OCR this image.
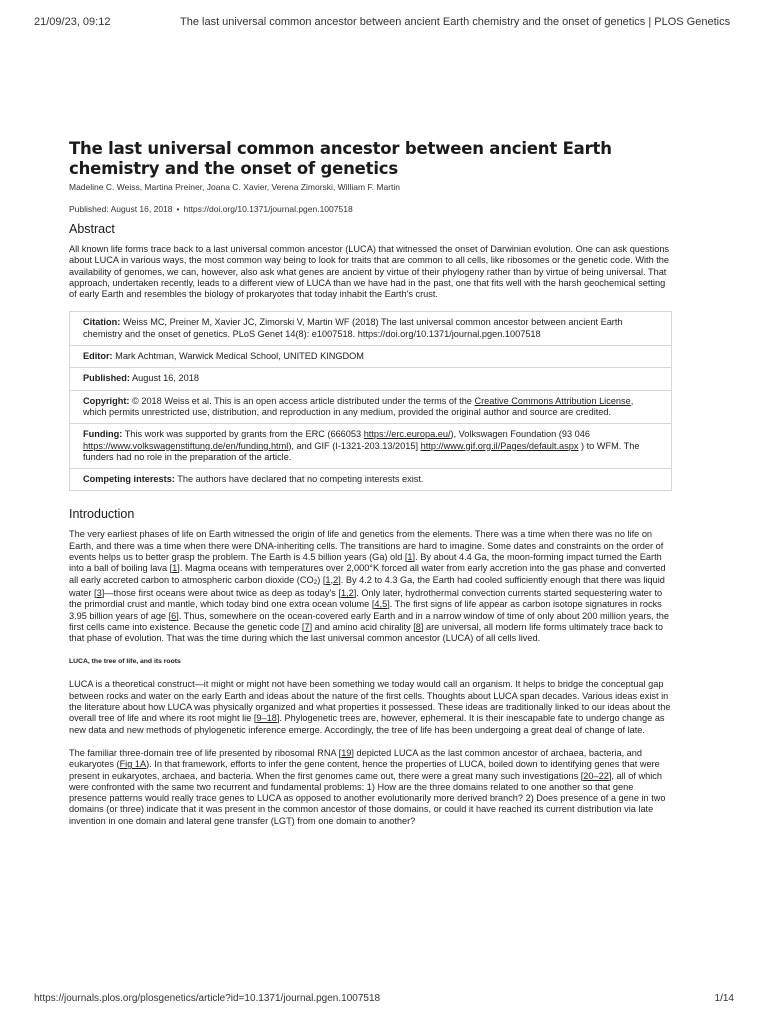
21/09/23, 09:12	The last universal common ancestor between ancient Earth chemistry and the onset of genetics | PLOS Genetics
The last universal common ancestor between ancient Earth chemistry and the onset of genetics
Madeline C. Weiss, Martina Preiner, Joana C. Xavier, Verena Zimorski, William F. Martin
Published: August 16, 2018 • https://doi.org/10.1371/journal.pgen.1007518
Abstract

All known life forms trace back to a last universal common ancestor (LUCA) that witnessed the onset of Darwinian evolution. One can ask questions about LUCA in various ways, the most common way being to look for traits that are common to all cells, like ribosomes or the genetic code. With the availability of genomes, we can, however, also ask what genes are ancient by virtue of their phylogeny rather than by virtue of being universal. That approach, undertaken recently, leads to a different view of LUCA than we have had in the past, one that fits well with the harsh geochemical setting of early Earth and resembles the biology of prokaryotes that today inhabit the Earth's crust.

Citation: Weiss MC, Preiner M, Xavier JC, Zimorski V, Martin WF (2018) The last universal common ancestor between ancient Earth chemistry and the onset of genetics. PLoS Genet 14(8): e1007518. https://doi.org/10.1371/journal.pgen.1007518
Editor: Mark Achtman, Warwick Medical School, UNITED KINGDOM
Published: August 16, 2018
Copyright: © 2018 Weiss et al. This is an open access article distributed under the terms of the Creative Commons Attribution License, which permits unrestricted use, distribution, and reproduction in any medium, provided the original author and source are credited.
Funding: This work was supported by grants from the ERC (666053 https://erc.europa.eu/), Volkswagen Foundation (93 046 https://www.volkswagenstiftung.de/en/funding.html), and GIF (I-1321-203.13/2015] http://www.gif.org.il/Pages/default.aspx ) to WFM. The funders had no role in the preparation of the article.
Competing interests: The authors have declared that no competing interests exist.
Introduction

The very earliest phases of life on Earth witnessed the origin of life and genetics from the elements. There was a time when there was no life on Earth, and there was a time when there were DNA-inheriting cells. The transitions are hard to imagine. Some dates and constraints on the order of events helps us to better grasp the problem. The Earth is 4.5 billion years (Ga) old [1]. By about 4.4 Ga, the moon-forming impact turned the Earth into a ball of boiling lava [1]. Magma oceans with temperatures over 2,000°K forced all water from early accretion into the gas phase and converted all early accreted carbon to atmospheric carbon dioxide (CO2) [1,2]. By 4.2 to 4.3 Ga, the Earth had cooled sufficiently enough that there was liquid water [3]—those first oceans were about twice as deep as today's [1,2]. Only later, hydrothermal convection currents started sequestering water to the primordial crust and mantle, which today bind one extra ocean volume [4,5]. The first signs of life appear as carbon isotope signatures in rocks 3.95 billion years of age [6]. Thus, somewhere on the ocean-covered early Earth and in a narrow window of time of only about 200 million years, the first cells came into existence. Because the genetic code [7] and amino acid chirality [8] are universal, all modern life forms ultimately trace back to that phase of evolution. That was the time during which the last universal common ancestor (LUCA) of all cells lived.

LUCA, the tree of life, and its roots

LUCA is a theoretical construct—it might or might not have been something we today would call an organism. It helps to bridge the conceptual gap between rocks and water on the early Earth and ideas about the nature of the first cells. Thoughts about LUCA span decades. Various ideas exist in the literature about how LUCA was physically organized and what properties it possessed. These ideas are traditionally linked to our ideas about the overall tree of life and where its root might lie [9–18]. Phylogenetic trees are, however, ephemeral. It is their inescapable fate to undergo change as new data and new methods of phylogenetic inference emerge. Accordingly, the tree of life has been undergoing a great deal of change of late.

The familiar three-domain tree of life presented by ribosomal RNA [19] depicted LUCA as the last common ancestor of archaea, bacteria, and eukaryotes (Fig 1A). In that framework, efforts to infer the gene content, hence the properties of LUCA, boiled down to identifying genes that were present in eukaryotes, archaea, and bacteria. When the first genomes came out, there were a great many such investigations [20–22], all of which were confronted with the same two recurrent and fundamental problems: 1) How are the three domains related to one another so that gene presence patterns would really trace genes to LUCA as opposed to another evolutionarily more derived branch? 2) Does presence of a gene in two domains (or three) indicate that it was present in the common ancestor of those domains, or could it have reached its current distribution via late invention in one domain and lateral gene transfer (LGT) from one domain to another?

https://journals.plos.org/plosgenetics/article?id=10.1371/journal.pgen.1007518	1/14
